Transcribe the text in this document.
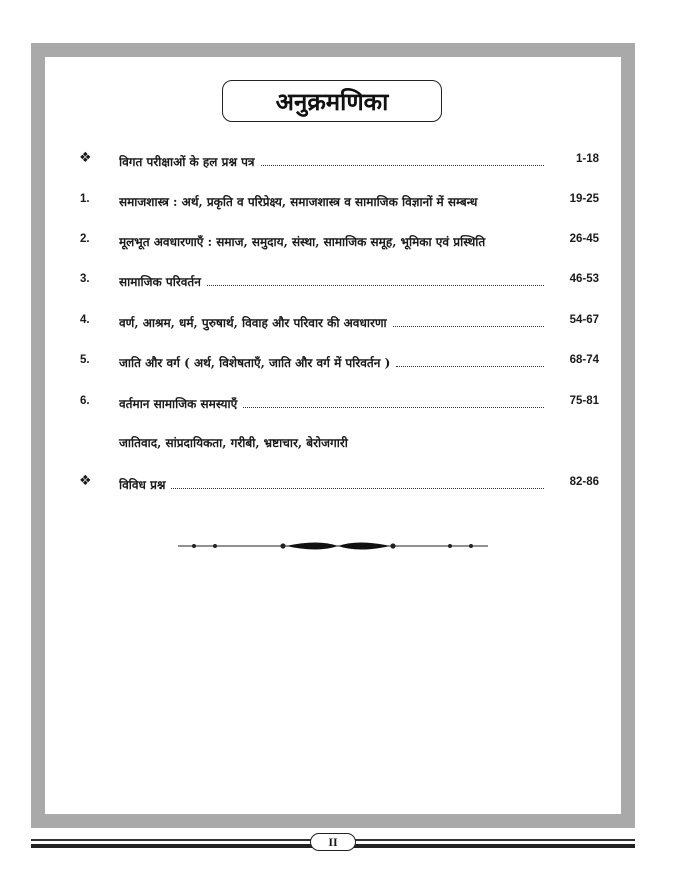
अनुक्रमणिका
❖ विगत परीक्षाओं के हल प्रश्न पत्र	1-18
1. समाजशास्त्र : अर्थ, प्रकृति व परिप्रेक्ष्य, समाजशास्त्र व सामाजिक विज्ञानों में सम्बन्ध	19-25
2. मूलभूत अवधारणाएँ : समाज, समुदाय, संस्था, सामाजिक समूह, भूमिका एवं प्रस्थिति	26-45
3. सामाजिक परिवर्तन	46-53
4. वर्ण, आश्रम, धर्म, पुरुषार्थ, विवाह और परिवार की अवधारणा	54-67
5. जाति और वर्ग ( अर्थ, विशेषताएँ, जाति और वर्ग में परिवर्तन )	68-74
6. वर्तमान सामाजिक समस्याएँ	75-81
जातिवाद, सांप्रदायिकता, गरीबी, भ्रष्टाचार, बेरोजगारी
❖ विविध प्रश्न	82-86
II
